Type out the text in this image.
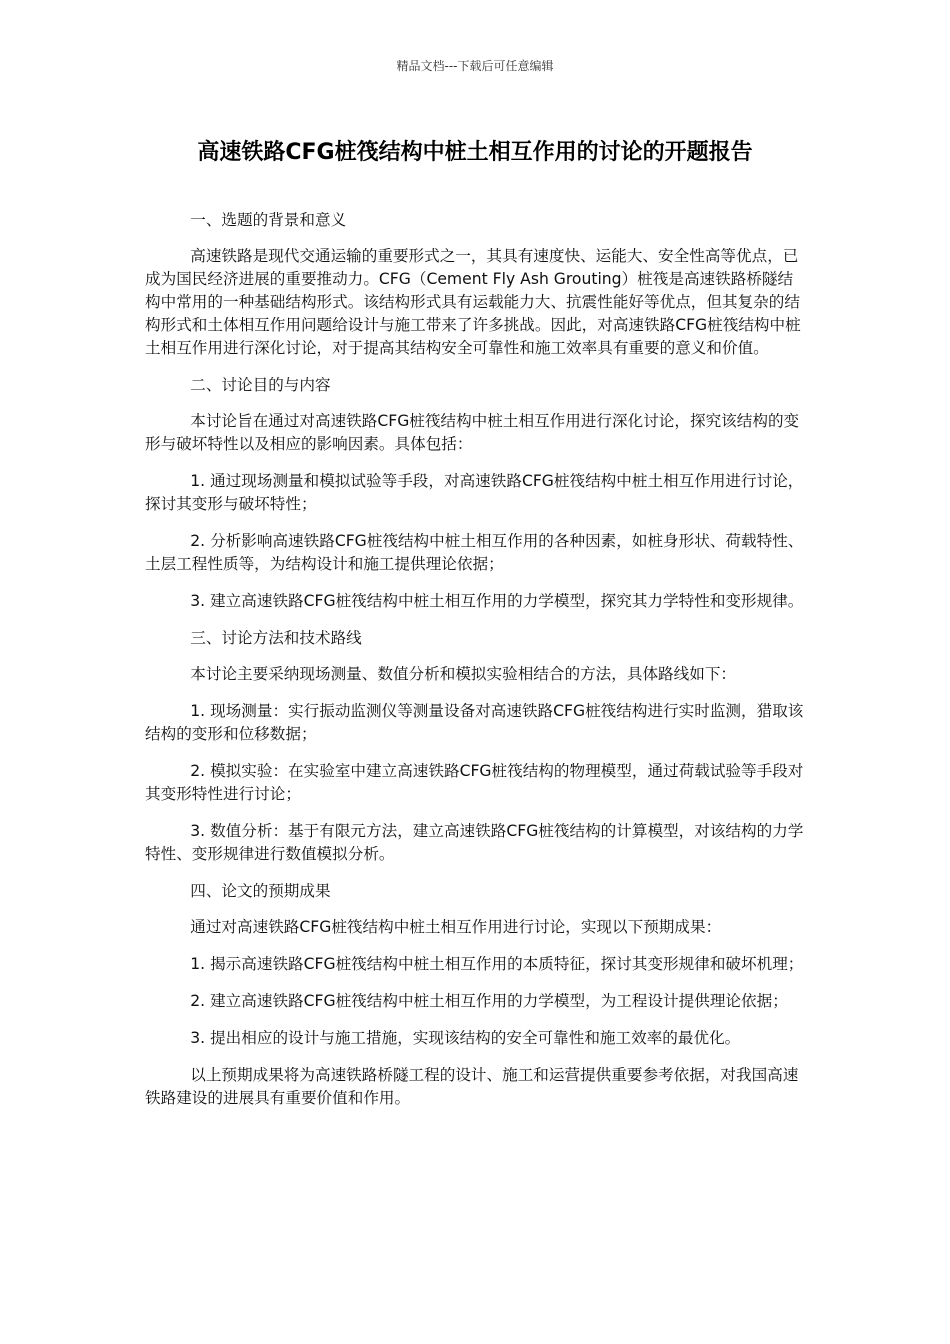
精品文档---下载后可任意编辑
高速铁路CFG桩筏结构中桩土相互作用的讨论的开题报告

一、选题的背景和意义

高速铁路是现代交通运输的重要形式之一，其具有速度快、运能大、安全性高等优点，已成为国民经济进展的重要推动力。CFG（Cement Fly Ash Grouting）桩筏是高速铁路桥隧结构中常用的一种基础结构形式。该结构形式具有运载能力大、抗震性能好等优点，但其复杂的结构形式和土体相互作用问题给设计与施工带来了许多挑战。因此，对高速铁路CFG桩筏结构中桩土相互作用进行深化讨论，对于提高其结构安全可靠性和施工效率具有重要的意义和价值。

二、讨论目的与内容

本讨论旨在通过对高速铁路CFG桩筏结构中桩土相互作用进行深化讨论，探究该结构的变形与破坏特性以及相应的影响因素。具体包括：

1. 通过现场测量和模拟试验等手段，对高速铁路CFG桩筏结构中桩土相互作用进行讨论，探讨其变形与破坏特性；

2. 分析影响高速铁路CFG桩筏结构中桩土相互作用的各种因素，如桩身形状、荷载特性、土层工程性质等，为结构设计和施工提供理论依据；

3. 建立高速铁路CFG桩筏结构中桩土相互作用的力学模型，探究其力学特性和变形规律。

三、讨论方法和技术路线

本讨论主要采纳现场测量、数值分析和模拟实验相结合的方法，具体路线如下：

1. 现场测量：实行振动监测仪等测量设备对高速铁路CFG桩筏结构进行实时监测，猎取该结构的变形和位移数据；

2. 模拟实验：在实验室中建立高速铁路CFG桩筏结构的物理模型，通过荷载试验等手段对其变形特性进行讨论；

3. 数值分析：基于有限元方法，建立高速铁路CFG桩筏结构的计算模型，对该结构的力学特性、变形规律进行数值模拟分析。

四、论文的预期成果

通过对高速铁路CFG桩筏结构中桩土相互作用进行讨论，实现以下预期成果：

1. 揭示高速铁路CFG桩筏结构中桩土相互作用的本质特征，探讨其变形规律和破坏机理；

2. 建立高速铁路CFG桩筏结构中桩土相互作用的力学模型，为工程设计提供理论依据；

3. 提出相应的设计与施工措施，实现该结构的安全可靠性和施工效率的最优化。

以上预期成果将为高速铁路桥隧工程的设计、施工和运营提供重要参考依据，对我国高速铁路建设的进展具有重要价值和作用。
